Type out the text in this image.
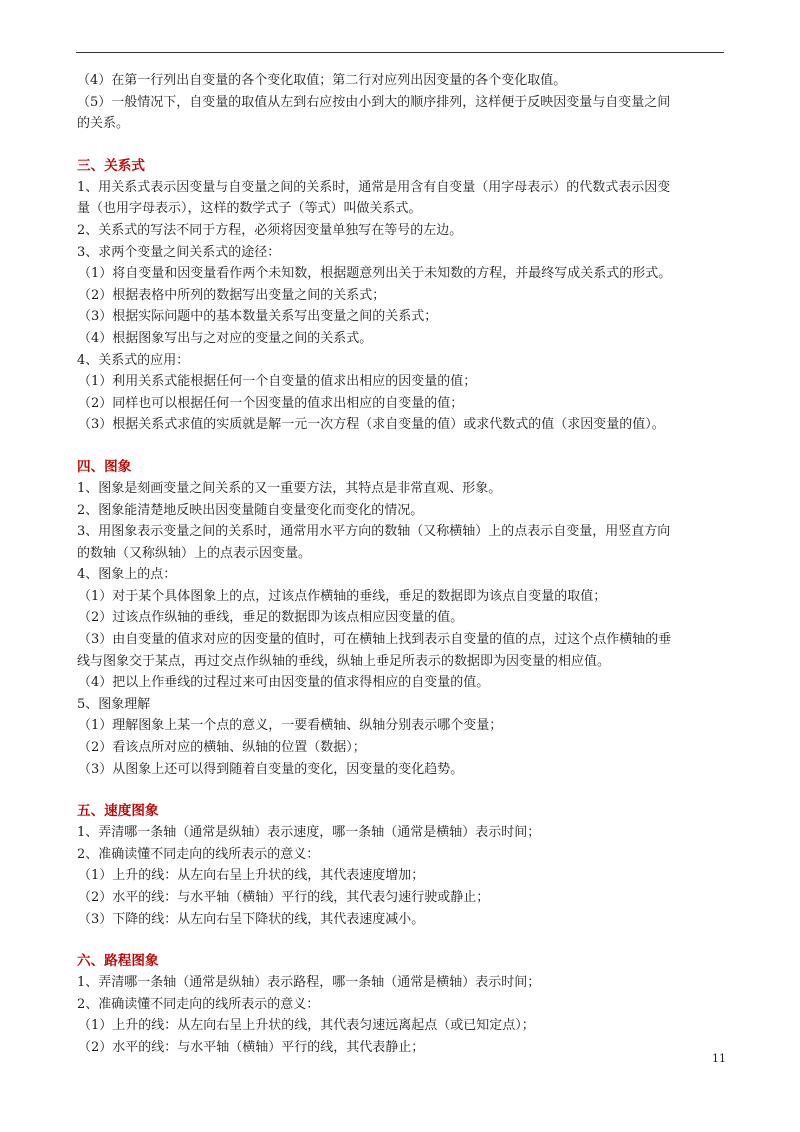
（4）在第一行列出自变量的各个变化取值；第二行对应列出因变量的各个变化取值。
（5）一般情况下，自变量的取值从左到右应按由小到大的顺序排列，这样便于反映因变量与自变量之间
的关系。
三、关系式
1、用关系式表示因变量与自变量之间的关系时，通常是用含有自变量（用字母表示）的代数式表示因变
量（也用字母表示），这样的数学式子（等式）叫做关系式。
2、关系式的写法不同于方程，必须将因变量单独写在等号的左边。
3、求两个变量之间关系式的途径：
（1）将自变量和因变量看作两个未知数，根据题意列出关于未知数的方程，并最终写成关系式的形式。
（2）根据表格中所列的数据写出变量之间的关系式；
（3）根据实际问题中的基本数量关系写出变量之间的关系式；
（4）根据图象写出与之对应的变量之间的关系式。
4、关系式的应用：
（1）利用关系式能根据任何一个自变量的值求出相应的因变量的值；
（2）同样也可以根据任何一个因变量的值求出相应的自变量的值；
（3）根据关系式求值的实质就是解一元一次方程（求自变量的值）或求代数式的值（求因变量的值）。
四、图象
1、图象是刻画变量之间关系的又一重要方法，其特点是非常直观、形象。
2、图象能清楚地反映出因变量随自变量变化而变化的情况。
3、用图象表示变量之间的关系时，通常用水平方向的数轴（又称横轴）上的点表示自变量，用竖直方向
的数轴（又称纵轴）上的点表示因变量。
4、图象上的点：
（1）对于某个具体图象上的点，过该点作横轴的垂线，垂足的数据即为该点自变量的取值；
（2）过该点作纵轴的垂线，垂足的数据即为该点相应因变量的值。
（3）由自变量的值求对应的因变量的值时，可在横轴上找到表示自变量的值的点，过这个点作横轴的垂
线与图象交于某点，再过交点作纵轴的垂线，纵轴上垂足所表示的数据即为因变量的相应值。
（4）把以上作垂线的过程过来可由因变量的值求得相应的自变量的值。
5、图象理解
（1）理解图象上某一个点的意义，一要看横轴、纵轴分别表示哪个变量；
（2）看该点所对应的横轴、纵轴的位置（数据）；
（3）从图象上还可以得到随着自变量的变化，因变量的变化趋势。
五、速度图象
1、弄清哪一条轴（通常是纵轴）表示速度，哪一条轴（通常是横轴）表示时间；
2、准确读懂不同走向的线所表示的意义：
（1）上升的线：从左向右呈上升状的线，其代表速度增加；
（2）水平的线：与水平轴（横轴）平行的线，其代表匀速行驶或静止；
（3）下降的线：从左向右呈下降状的线，其代表速度减小。
六、路程图象
1、弄清哪一条轴（通常是纵轴）表示路程，哪一条轴（通常是横轴）表示时间；
2、准确读懂不同走向的线所表示的意义：
（1）上升的线：从左向右呈上升状的线，其代表匀速远离起点（或已知定点）；
（2）水平的线：与水平轴（横轴）平行的线，其代表静止；
11
